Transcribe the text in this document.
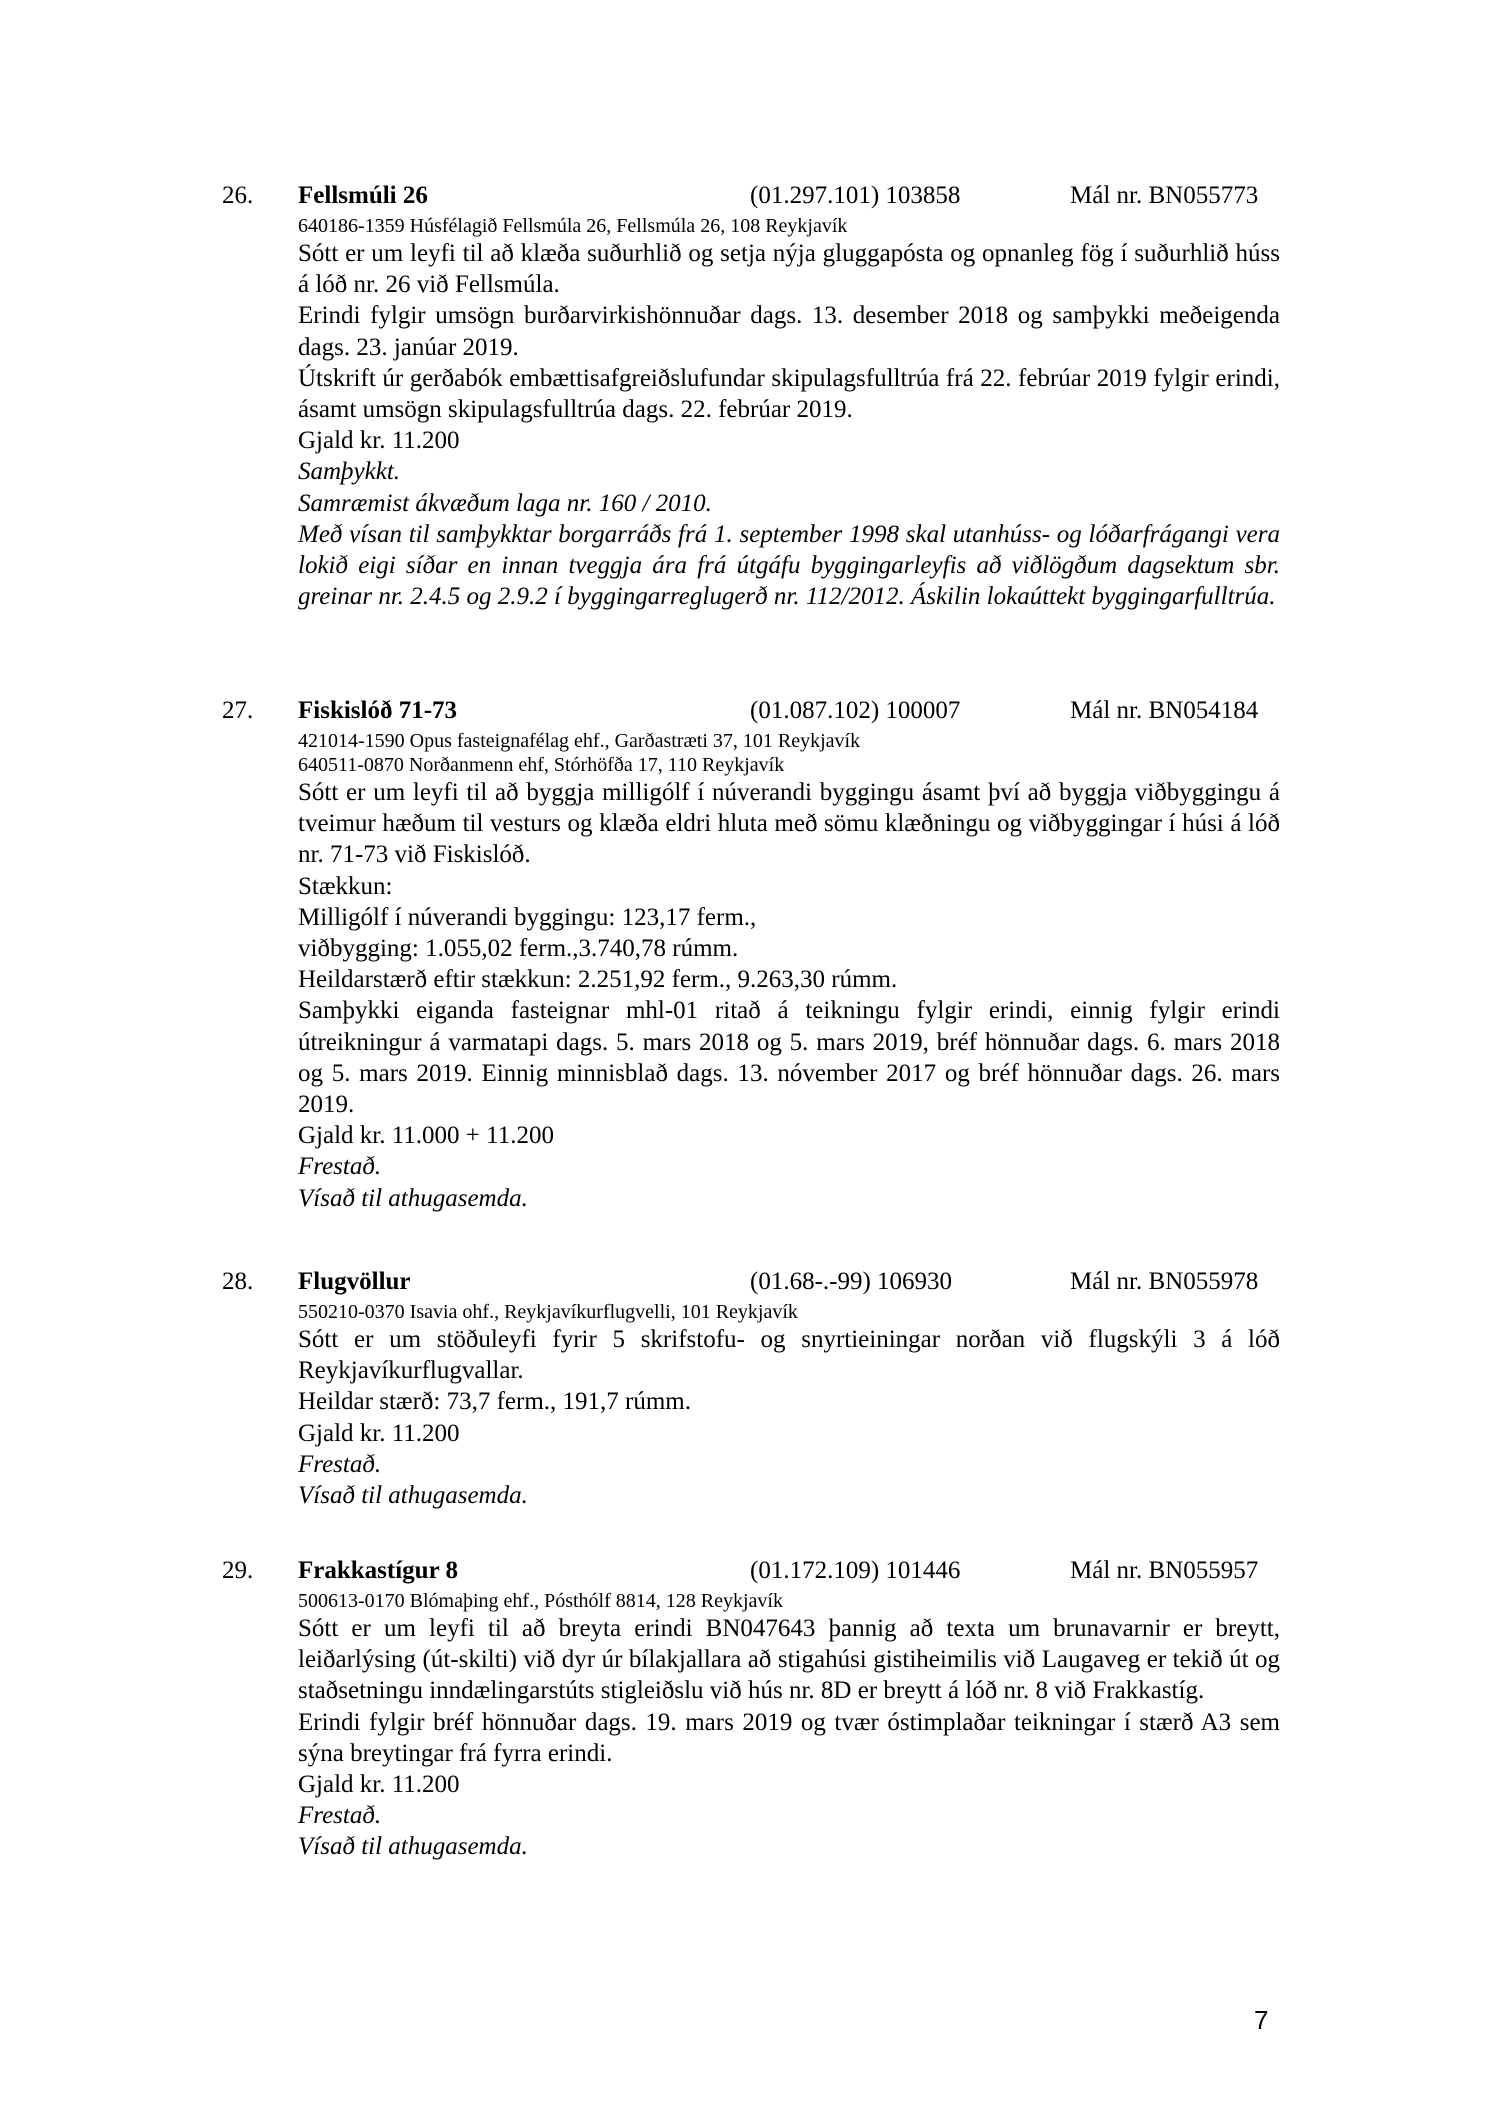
26. Fellsmúli 26	(01.297.101) 103858	Mál nr. BN055773

640186-1359 Húsfélagið Fellsmúla 26, Fellsmúla 26, 108 Reykjavík

Sótt er um leyfi til að klæða suðurhlið og setja nýja gluggapósta og opnanleg fög í suðurhlið húss á lóð nr. 26 við Fellsmúla.

Erindi fylgir umsögn burðarvirkishönnuðar dags. 13. desember 2018 og samþykki meðeigenda dags. 23. janúar 2019.

Útskrift úr gerðabók embættisafgreiðslufundar skipulagsfulltrúa frá 22. febrúar 2019 fylgir erindi, ásamt umsögn skipulagsfulltrúa dags. 22. febrúar 2019.

Gjald kr. 11.200

Samþykkt.

Samræmist ákvæðum laga nr. 160 / 2010.

Með vísan til samþykktar borgarráðs frá 1. september 1998 skal utanhúss- og lóðarfrágangi vera lokið eigi síðar en innan tveggja ára frá útgáfu byggingarleyfis að viðlögðum dagsektum sbr. greinar nr. 2.4.5 og 2.9.2 í byggingarreglugerð nr. 112/2012. Áskilin lokaúttekt byggingarfulltrúa.

27. Fiskislóð 71-73	(01.087.102) 100007	Mál nr. BN054184

421014-1590 Opus fasteignafélag ehf., Garðastræti 37, 101 Reykjavík

640511-0870 Norðanmenn ehf, Stórhöfða 17, 110 Reykjavík

Sótt er um leyfi til að byggja milligólf í núverandi byggingu ásamt því að byggja viðbyggingu á tveimur hæðum til vesturs og klæða eldri hluta með sömu klæðningu og viðbyggingar í húsi á lóð nr. 71-73 við Fiskislóð.

Stækkun:

Milligólf í núverandi byggingu: 123,17 ferm.,

viðbygging: 1.055,02 ferm.,3.740,78 rúmm.

Heildarstærð eftir stækkun: 2.251,92 ferm., 9.263,30 rúmm.

Samþykki eiganda fasteignar mhl-01 ritað á teikningu fylgir erindi, einnig fylgir erindi útreikningur á varmatapi dags. 5. mars 2018 og 5. mars 2019, bréf hönnuðar dags. 6. mars 2018 og 5. mars 2019. Einnig minnisblað dags. 13. nóvember 2017 og bréf hönnuðar dags. 26. mars 2019.

Gjald kr. 11.000 + 11.200

Frestað.

Vísað til athugasemda.

28. Flugvöllur	(01.68-.-99) 106930	Mál nr. BN055978

550210-0370 Isavia ohf., Reykjavíkurflugvelli, 101 Reykjavík

Sótt er um stöðuleyfi fyrir 5 skrifstofu- og snyrtieiningar norðan við flugskýli 3 á lóð Reykjavíkurflugvallar.

Heildar stærð: 73,7 ferm., 191,7 rúmm.

Gjald kr. 11.200

Frestað.

Vísað til athugasemda.

29. Frakkastígur 8	(01.172.109) 101446	Mál nr. BN055957

500613-0170 Blómaþing ehf., Pósthólf 8814, 128 Reykjavík

Sótt er um leyfi til að breyta erindi BN047643 þannig að texta um brunavarnir er breytt, leiðarlýsing (út-skilti) við dyr úr bílakjallara að stigahúsi gistiheimilis við Laugaveg er tekið út og staðsetningu inndælingarstúts stigleiðslu við hús nr. 8D er breytt á lóð nr. 8 við Frakkastíg.

Erindi fylgir bréf hönnuðar dags. 19. mars 2019 og tvær óstimplaðar teikningar í stærð A3 sem sýna breytingar frá fyrra erindi.

Gjald kr. 11.200

Frestað.

Vísað til athugasemda.

7
